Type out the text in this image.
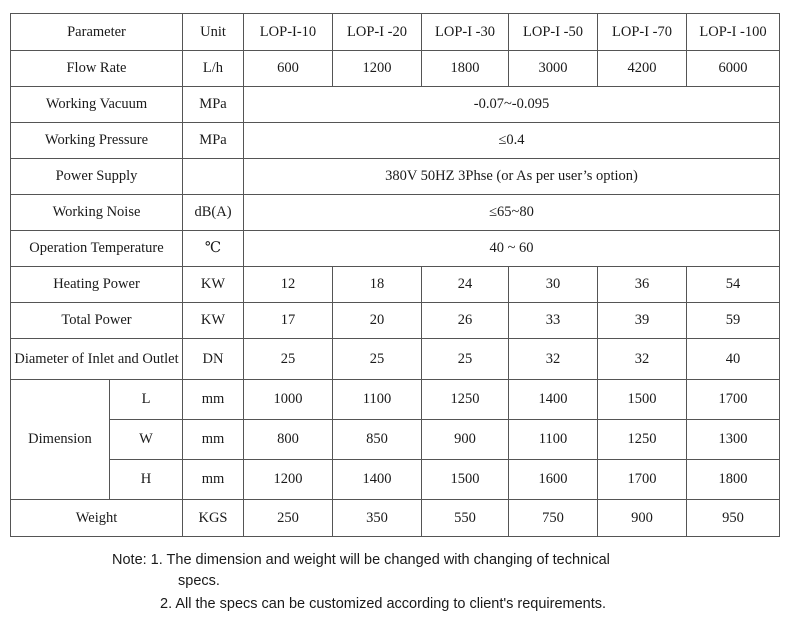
Parameter		Unit	LOP-I-10	LOP-I -20	LOP-I -30	LOP-I -50	LOP-I -70	LOP-I -100
Flow Rate		L/h	600	1200	1800	3000	4200	6000
Working Vacuum		MPa	-0.07~-0.095					
Working Pressure		MPa	≤0.4					
Power Supply			380V 50HZ 3Phse (or As per user’s option)					
Working Noise		dB(A)	≤65~80					
Operation Temperature		℃	40 ~ 60					
Heating Power		KW	12	18	24	30	36	54
Total Power		KW	17	20	26	33	39	59
Diameter of Inlet and Outlet		DN	25	25	25	32	32	40
Dimension	L	mm	1000	1100	1250	1400	1500	1700
	W	mm	800	850	900	1100	1250	1300
	H	mm	1200	1400	1500	1600	1700	1800
Weight		KGS	250	350	550	750	900	950
Note: 1. The dimension and weight will be changed with changing of technical
specs.
2. All the specs can be customized according to client's requirements.
